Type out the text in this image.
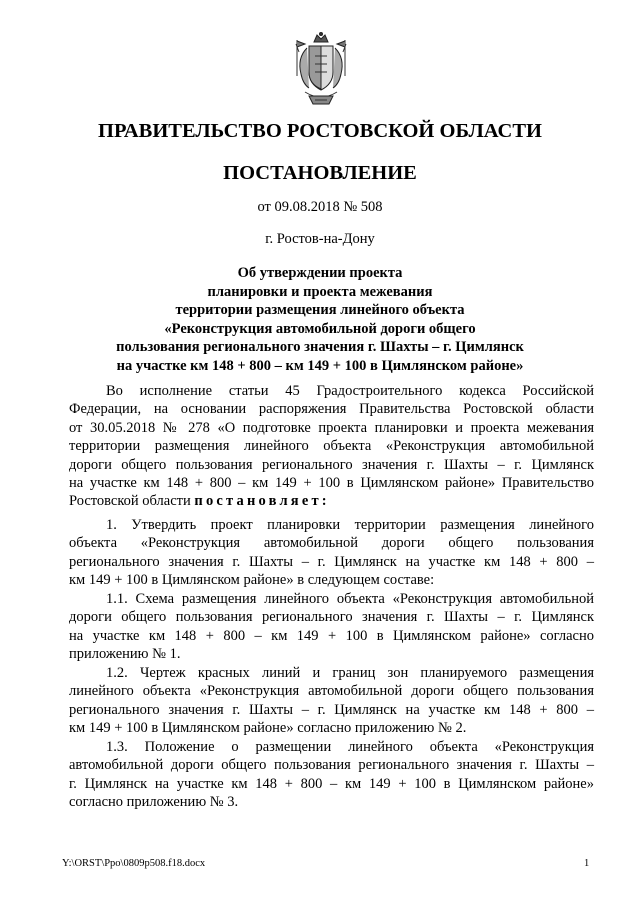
ПРАВИТЕЛЬСТВО РОСТОВСКОЙ ОБЛАСТИ
ПОСТАНОВЛЕНИЕ
от 09.08.2018 № 508
г. Ростов-на-Дону
Об утверждении проекта
планировки и проекта межевания
территории размещения линейного объекта
«Реконструкция автомобильной дороги общего
пользования регионального значения г. Шахты – г. Цимлянск
на участке км 148 + 800 – км 149 + 100 в Цимлянском районе»
Во исполнение статьи 45 Градостроительного кодекса Российской
Федерации, на основании распоряжения Правительства Ростовской области
от 30.05.2018 № 278 «О подготовке проекта планировки и проекта межевания
территории размещения линейного объекта «Реконструкция автомобильной
дороги общего пользования регионального значения г. Шахты – г. Цимлянск
на участке км 148 + 800 – км 149 + 100 в Цимлянском районе» Правительство
Ростовской области постановляет:
1. Утвердить проект планировки территории размещения линейного
объекта «Реконструкция автомобильной дороги общего пользования
регионального значения г. Шахты – г. Цимлянск на участке км 148 + 800 –
км 149 + 100 в Цимлянском районе» в следующем составе:
1.1. Схема размещения линейного объекта «Реконструкция автомобильной
дороги общего пользования регионального значения г. Шахты – г. Цимлянск
на участке км 148 + 800 – км 149 + 100 в Цимлянском районе» согласно
приложению № 1.
1.2. Чертеж красных линий и границ зон планируемого размещения
линейного объекта «Реконструкция автомобильной дороги общего пользования
регионального значения г. Шахты – г. Цимлянск на участке км 148 + 800 –
км 149 + 100 в Цимлянском районе» согласно приложению № 2.
1.3. Положение о размещении линейного объекта «Реконструкция
автомобильной дороги общего пользования регионального значения г. Шахты –
г. Цимлянск на участке км 148 + 800 – км 149 + 100 в Цимлянском районе»
согласно приложению № 3.
Y:\ORST\Ppo\0809p508.f18.docx	1
